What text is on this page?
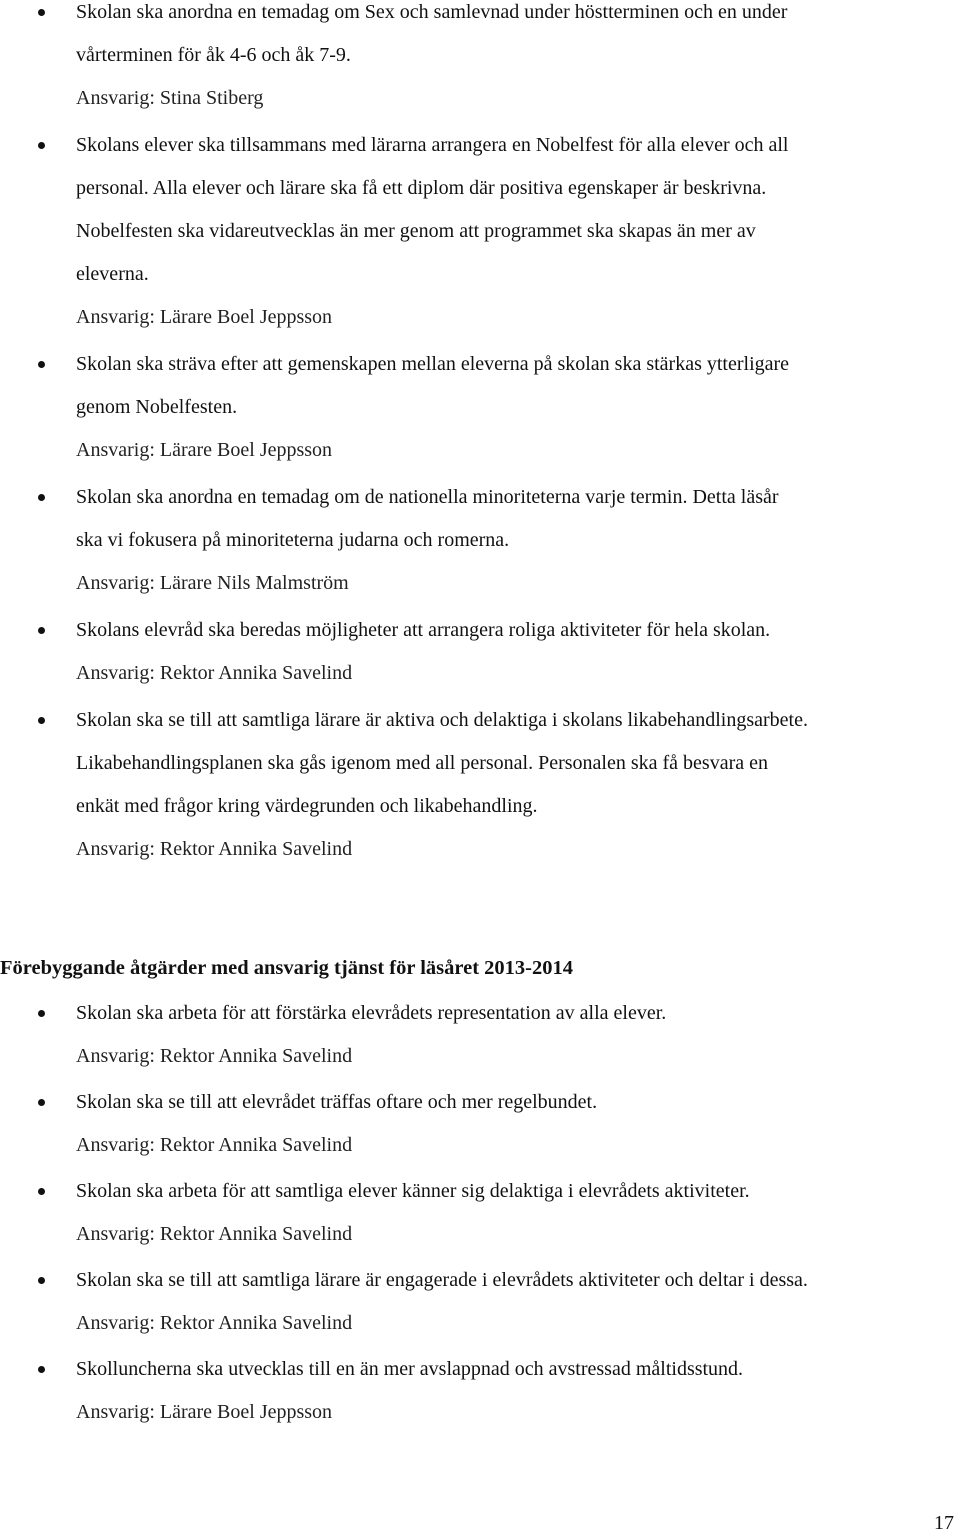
Skolan ska anordna en temadag om Sex och samlevnad under höstterminen och en under
vårterminen för åk 4-6 och åk 7-9.

Ansvarig: Stina Stiberg

Skolans elever ska tillsammans med lärarna arrangera en Nobelfest för alla elever och all
personal. Alla elever och lärare ska få ett diplom där positiva egenskaper är beskrivna.
Nobelfesten ska vidareutvecklas än mer genom att programmet ska skapas än mer av
eleverna.

Ansvarig: Lärare Boel Jeppsson

Skolan ska sträva efter att gemenskapen mellan eleverna på skolan ska stärkas ytterligare
genom Nobelfesten.

Ansvarig: Lärare Boel Jeppsson

Skolan ska anordna en temadag om de nationella minoriteterna varje termin. Detta läsår
ska vi fokusera på minoriteterna judarna och romerna.

Ansvarig: Lärare Nils Malmström

Skolans elevråd ska beredas möjligheter att arrangera roliga aktiviteter för hela skolan.

Ansvarig: Rektor Annika Savelind

Skolan ska se till att samtliga lärare är aktiva och delaktiga i skolans likabehandlingsarbete.
Likabehandlingsplanen ska gås igenom med all personal. Personalen ska få besvara en
enkät med frågor kring värdegrunden och likabehandling.

Ansvarig: Rektor Annika Savelind

Förebyggande åtgärder med ansvarig tjänst för läsåret 2013-2014

Skolan ska arbeta för att förstärka elevrådets representation av alla elever.

Ansvarig: Rektor Annika Savelind

Skolan ska se till att elevrådet träffas oftare och mer regelbundet.

Ansvarig: Rektor Annika Savelind

Skolan ska arbeta för att samtliga elever känner sig delaktiga i elevrådets aktiviteter.

Ansvarig: Rektor Annika Savelind

Skolan ska se till att samtliga lärare är engagerade i elevrådets aktiviteter och deltar i dessa.

Ansvarig: Rektor Annika Savelind

Skolluncherna ska utvecklas till en än mer avslappnad och avstressad måltidsstund.

Ansvarig: Lärare Boel Jeppsson

17
